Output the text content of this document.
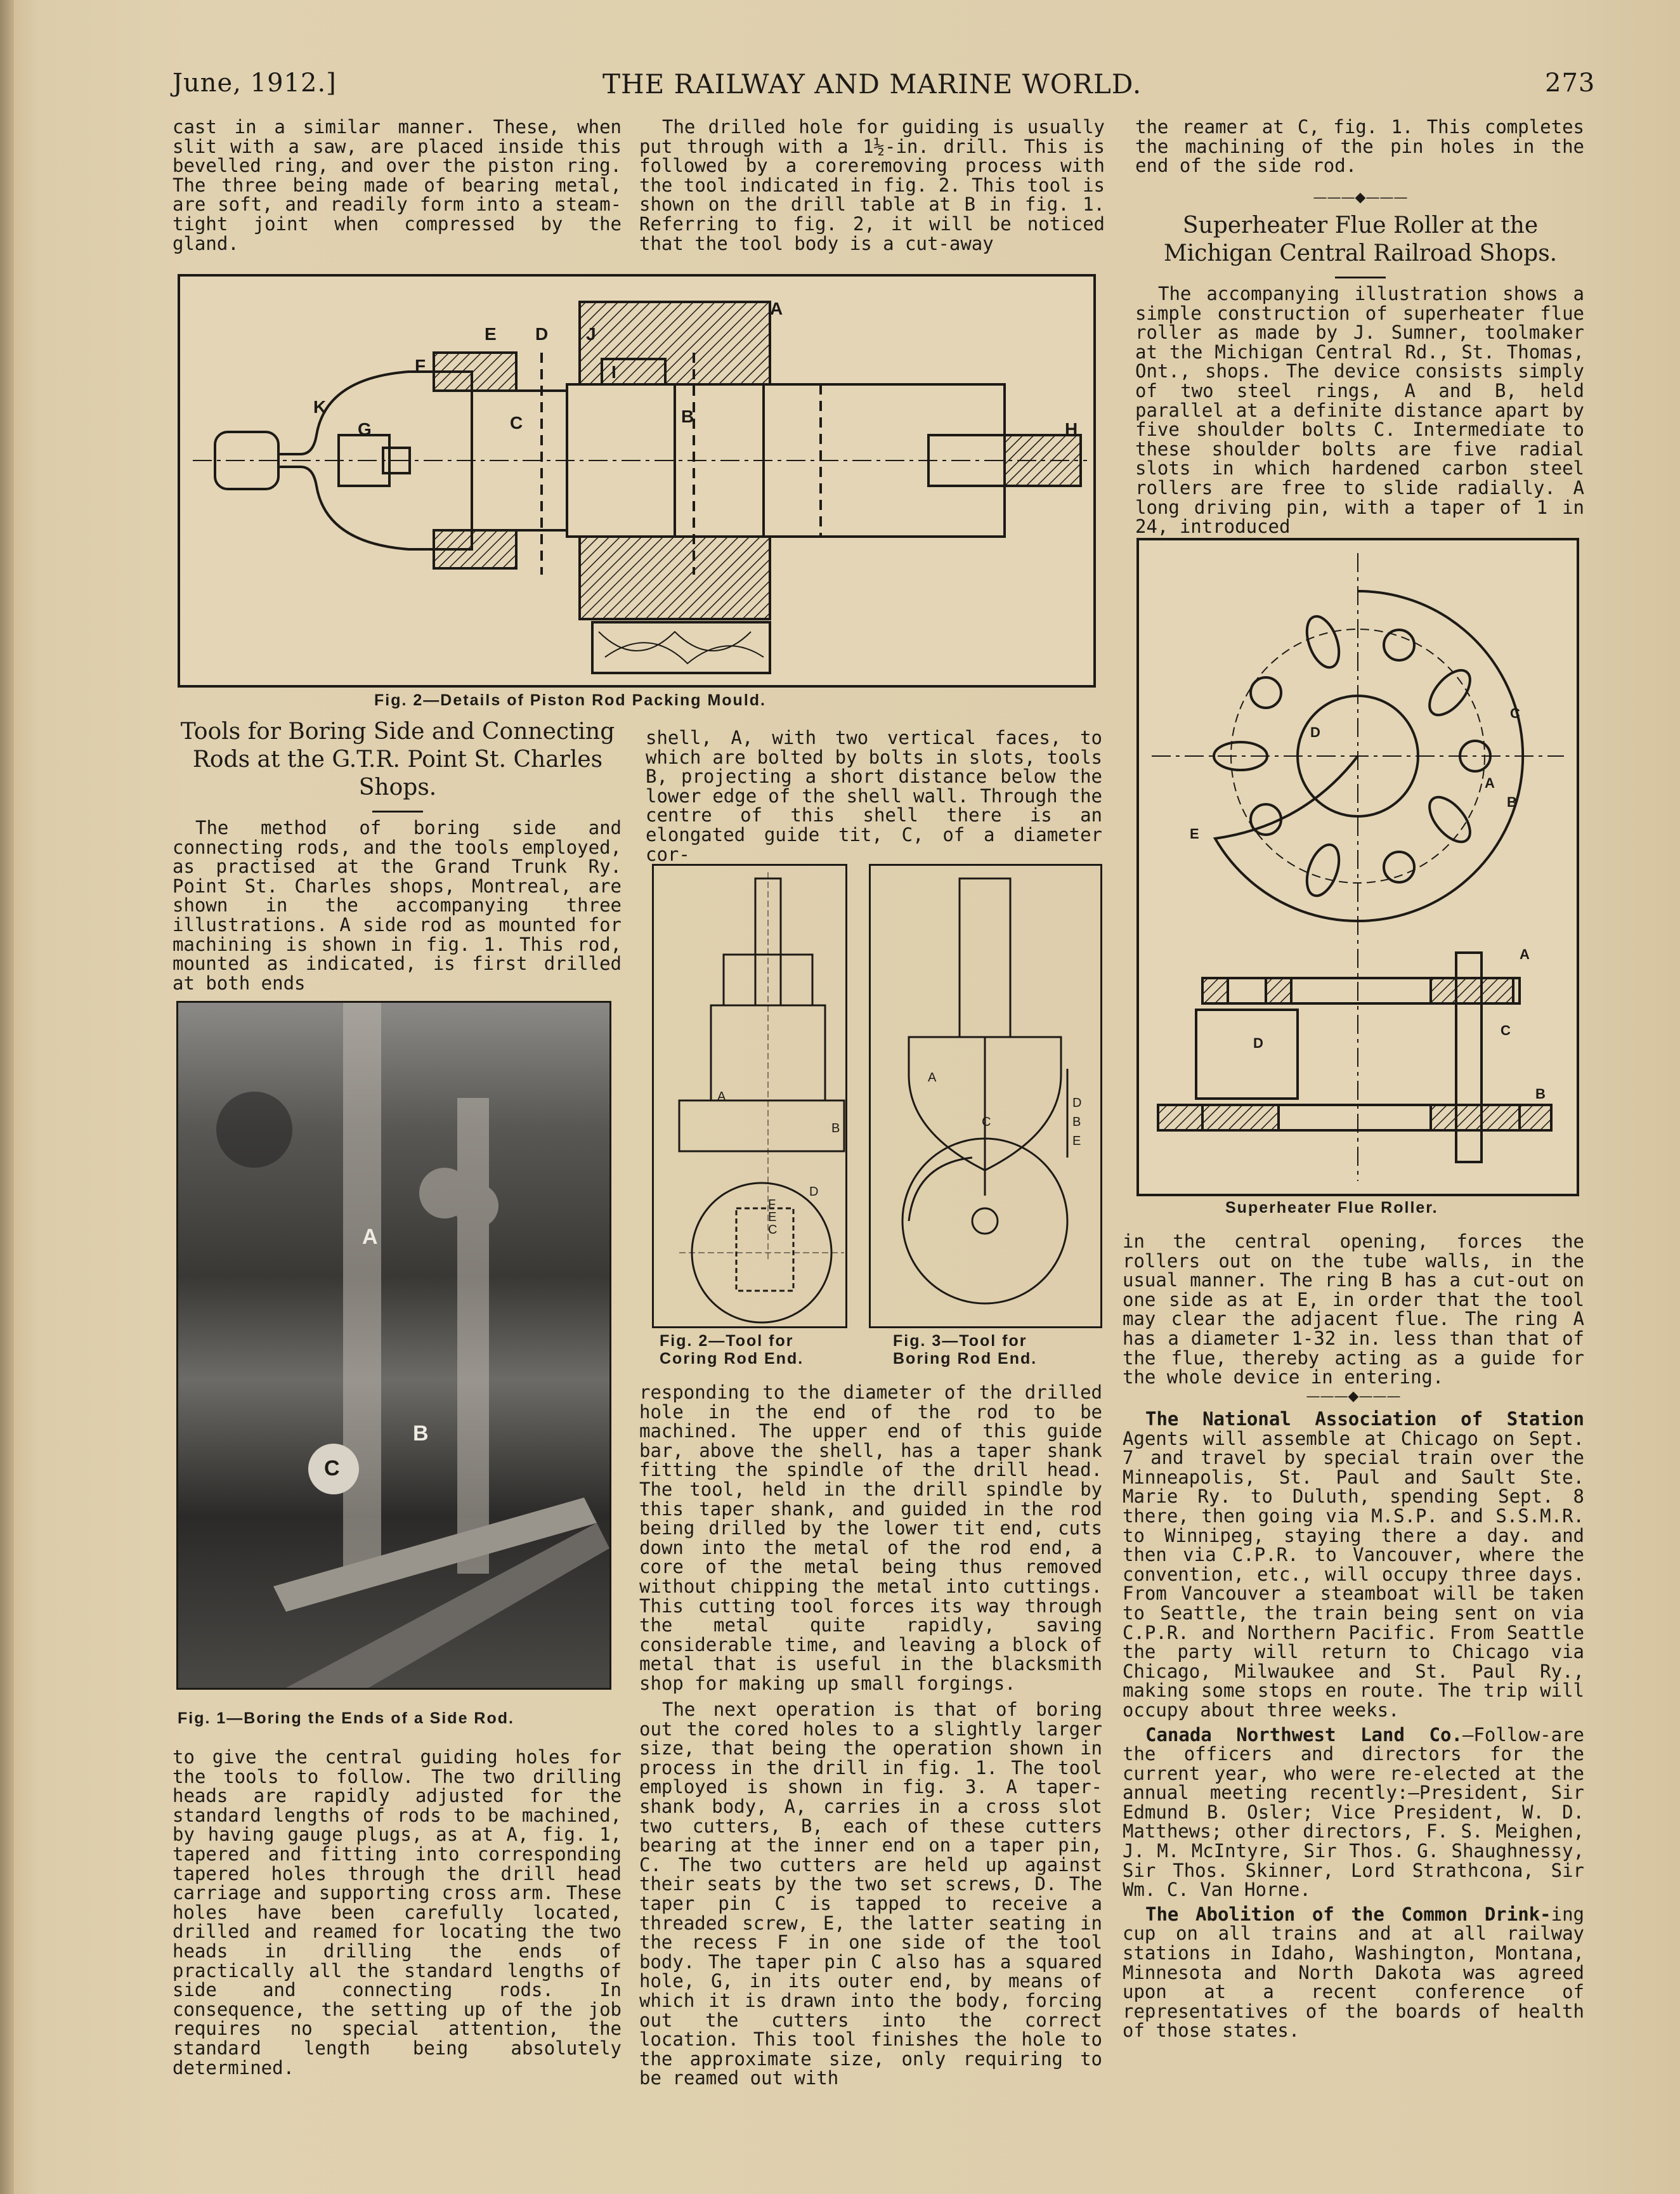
June, 1912.]	THE RAILWAY AND MARINE WORLD.	273
cast in a similar manner. These, when slit with a saw, are placed inside this bevelled ring, and over the piston ring. The three being made of bearing metal, are soft, and readily form into a steam-tight joint when compressed by the gland.
The drilled hole for guiding is usually put through with a 1½-in. drill. This is followed by a coreremoving process with the tool indicated in fig. 2. This tool is shown on the drill table at B in fig. 1. Referring to fig. 2, it will be noticed that the tool body is a cut-away
the reamer at C, fig. 1. This completes the machining of the pin holes in the end of the side rod.
A
B
C
D
E
F
G	H
I
J
K
Fig. 2—Details of Piston Rod Packing Mould.
Tools for Boring Side and Connecting Rods at the G.T.R. Point St. Charles Shops.
The method of boring side and connecting rods, and the tools employed, as practised at the Grand Trunk Ry. Point St. Charles shops, Montreal, are shown in the accompanying three illustrations. A side rod as mounted for machining is shown in fig. 1. This rod, mounted as indicated, is first drilled at both ends
A
B
C
Fig. 1—Boring the Ends of a Side Rod.
to give the central guiding holes for the tools to follow. The two drilling heads are rapidly adjusted for the standard lengths of rods to be machined, by having gauge plugs, as at A, fig. 1, tapered and fitting into corresponding tapered holes through the drill head carriage and supporting cross arm. These holes have been carefully located, drilled and reamed for locating the two heads in drilling the ends of practically all the standard lengths of side and connecting rods. In consequence, the setting up of the job requires no special attention, the standard length being absolutely determined.
shell, A, with two vertical faces, to which are bolted by bolts in slots, tools B, projecting a short distance below the lower edge of the shell wall. Through the centre of this shell there is an elongated guide tit, C, of a diameter cor-
A
B
D
F
C
E
Fig. 2—Tool for Coring Rod End.
A
C
D
B
E
Fig. 3—Tool for Boring Rod End.
responding to the diameter of the drilled hole in the end of the rod to be machined. The upper end of this guide bar, above the shell, has a taper shank fitting the spindle of the drill head. The tool, held in the drill spindle by this taper shank, and guided in the rod being drilled by the lower tit end, cuts down into the metal of the rod end, a core of the metal being thus removed without chipping the metal into cuttings. This cutting tool forces its way through the metal quite rapidly, saving considerable time, and leaving a block of metal that is useful in the blacksmith shop for making up small forgings.
The next operation is that of boring out the cored holes to a slightly larger size, that being the operation shown in process in the drill in fig. 1. The tool employed is shown in fig. 3. A taper-shank body, A, carries in a cross slot two cutters, B, each of these cutters bearing at the inner end on a taper pin, C. The two cutters are held up against their seats by the two set screws, D. The taper pin C is tapped to receive a threaded screw, E, the latter seating in the recess F in one side of the tool body. The taper pin C also has a squared hole, G, in its outer end, by means of which it is drawn into the body, forcing out the cutters into the correct location. This tool finishes the hole to the approximate size, only requiring to be reamed out with
———◆———
Superheater Flue Roller at the Michigan Central Railroad Shops.
The accompanying illustration shows a simple construction of superheater flue roller as made by J. Sumner, toolmaker at the Michigan Central Rd., St. Thomas, Ont., shops. The device consists simply of two steel rings, A and B, held parallel at a definite distance apart by five shoulder bolts C. Intermediate to these shoulder bolts are five radial slots in which hardened carbon steel rollers are free to slide radially. A long driving pin, with a taper of 1 in 24, introduced
A
B
C
D
E
D
A
C
B
Superheater Flue Roller.
in the central opening, forces the rollers out on the tube walls, in the usual manner. The ring B has a cut-out on one side as at E, in order that the tool may clear the adjacent flue. The ring A has a diameter 1-32 in. less than that of the flue, thereby acting as a guide for the whole device in entering.
———◆———
The National Association of Station Agents will assemble at Chicago on Sept. 7 and travel by special train over the Minneapolis, St. Paul and Sault Ste. Marie Ry. to Duluth, spending Sept. 8 there, then going via M.S.P. and S.S.M.R. to Winnipeg, staying there a day. and then via C.P.R. to Vancouver, where the convention, etc., will occupy three days. From Vancouver a steamboat will be taken to Seattle, the train being sent on via C.P.R. and Northern Pacific. From Seattle the party will return to Chicago via Chicago, Milwaukee and St. Paul Ry., making some stops en route. The trip will occupy about three weeks.
Canada Northwest Land Co.—Follow-are the officers and directors for the current year, who were re-elected at the annual meeting recently:—President, Sir Edmund B. Osler; Vice President, W. D. Matthews; other directors, F. S. Meighen, J. M. McIntyre, Sir Thos. G. Shaughnessy, Sir Thos. Skinner, Lord Strathcona, Sir Wm. C. Van Horne.
The Abolition of the Common Drink-ing cup on all trains and at all railway stations in Idaho, Washington, Montana, Minnesota and North Dakota was agreed upon at a recent conference of representatives of the boards of health of those states.
